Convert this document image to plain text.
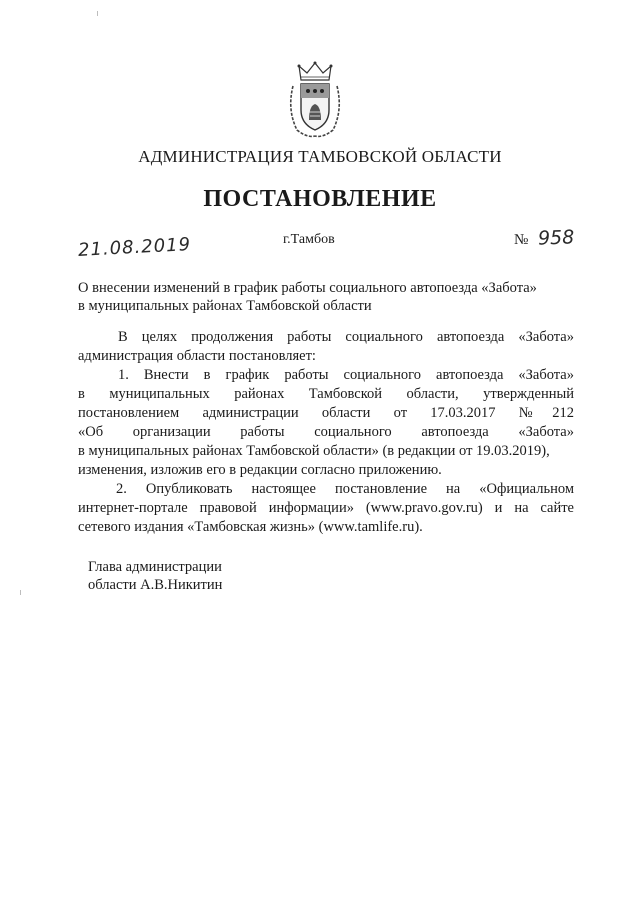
АДМИНИСТРАЦИЯ ТАМБОВСКОЙ ОБЛАСТИ
ПОСТАНОВЛЕНИЕ
21.08.2019	г.Тамбов	№ 958
О внесении изменений в график работы социального автопоезда «Забота»
в муниципальных районах Тамбовской области
В целях продолжения работы социального автопоезда «Забота»
администрация области постановляет:
1. Внести в график работы социального автопоезда «Забота»
в муниципальных районах Тамбовской области, утвержденный
постановлением администрации области от 17.03.2017 №212
«Об организации работы социального автопоезда «Забота»
в муниципальных районах Тамбовской области» (в редакции от 19.03.2019),
изменения, изложив его в редакции согласно приложению.
2. Опубликовать настоящее постановление на «Официальном
интернет-портале правовой информации» (www.pravo.gov.ru) и на сайте
сетевого издания «Тамбовская жизнь» (www.tamlife.ru).
Глава администрации
области А.В.Никитин
